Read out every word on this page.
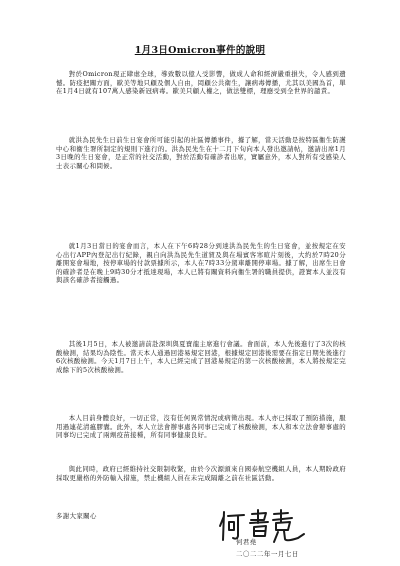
1月3日Omicron事件的說明

對於Omicron現正肆虐全球，導致數以億人受影響，做成人命和經濟嚴重損失，令人感到遺憾。防疫把關方面，歐美等地只顧及個人自由，罔顧公共衛生，讓病毒傳播，尤其以美國為首，單在1月4日就有107萬人感染新冠病毒。歐美只顧人權之，做法雙標，理應受到全世界的譴責。

就洪為民先生日前生日宴會所可能引起的社區傳播事件，據了解，當天活動是按特區衞生防護中心和衞生署所制定的規則下進行的。洪為民先生在十二月下旬向本人發出邀請帖，邀請出席1月3日晚的生日宴會，是正常的社交活動，對於活動有確診者出席，實屬意外，本人對所有受感染人士表示關心和問候。

就1月3日當日的宴會而言，本人在下午6時28分到達洪為民先生的生日宴會，並按規定在安心出行APP內登記出行紀錄，親自向洪為民先生道賀及與在場賓客寒暄片刻後，大約於7時20分離開宴會場地，按停車場的付款票據所示，本人在7時33分駕車離開停車場。據了解，出席生日會的確診者是在晚上9時30分才抵達現場，本人已將有關資料向衞生署的職員提供，證實本人並沒有與該名確診者接觸過。

其後1月5日，本人被邀請前赴深圳與夏寶龍主席進行會議。會面前，本人先後進行了3次的核酸檢測，結果均為陰性。當天本人通過回港易規定回港，根據規定回港後需要在指定日期先後進行6次核酸檢測。今天1月7日上午，本人已經完成了回港易規定的第一次核酸檢測，本人將按規定完成餘下的5次核酸檢測。

本人目前身體良好，一切正常，沒有任何異常情況或病徵出現。本人亦已採取了預防措施，服用過連花清瘟膠囊。此外，本人立法會辦事處各同事已完成了核酸檢測，本人和本立法會辦事處的同事均已完成了兩劑疫苗接種，所有同事健康良好。

與此同時，政府已經維持社交限制收緊，由於今次源頭來自國泰航空機組人員，本人期盼政府採取更嚴格的外防輸入措施，禁止機組人員在未完成隔離之前在社區活動。

多謝大家關心

何君堯
二〇二二年一月七日
